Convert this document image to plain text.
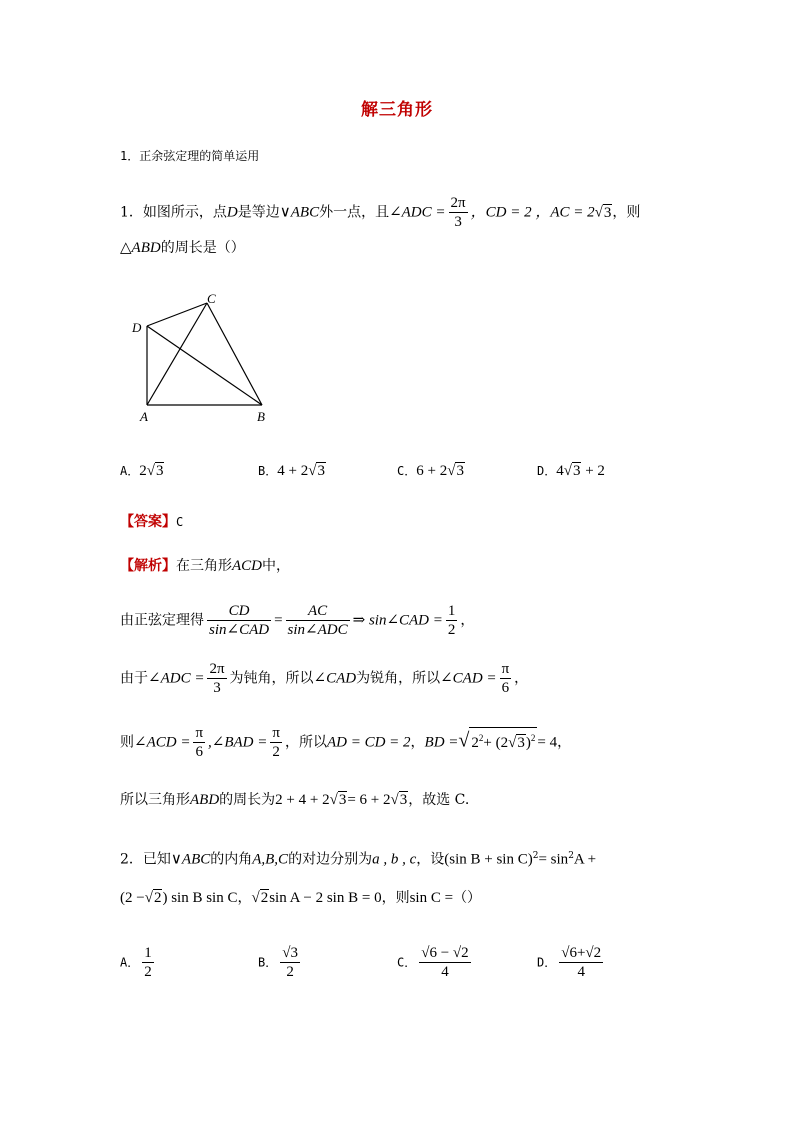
解三角形
1．正余弦定理的简单运用
1．如图所示，点D是等边∨ABC外一点，且∠ADC = $\frac{2\pi}{3}$ ，CD = 2 ，AC = 2√3，则
△ABD的周长是（）
A	B
C
D
A．2√3	B．4 + 2√3	C．6 + 2√3	D．4√3 + 2
【答案】C
【解析】在三角形ACD中，
由正弦定理得 $\frac{CD}{\text{sin∠CAD}} = \frac{AC}{\text{sin∠ADC}}$ ⇒ sin∠CAD = $\frac{1}{2}$ ，
由于∠ADC = $\frac{2\pi}{3}$ 为钝角，所以∠CAD为锐角，所以∠CAD = $\frac{\pi}{6}$ ，
则∠ACD = $\frac{\pi}{6}$ ,∠BAD = $\frac{\pi}{2}$ ，所以AD = CD = 2，BD =√ $2^2+ (2√3)^2 = 4$，
所以三角形ABD的周长为2 + 4 + 2√3= 6 + 2√3，故选 C.
2．已知∨ABC的内角A,B,C的对边分别为a , b , c，设(sin $B + \sin C)^2= \sin^2A$ +
(2 −√2) sin B sin C，√2sin A − 2 sin B = 0，则sin C =（）
A． $\frac{1}{2}$	B． $\frac{√3}{2}$	C． $\frac{√6 - √2}{4}$	D． $\frac{√6+√2}{4}$
